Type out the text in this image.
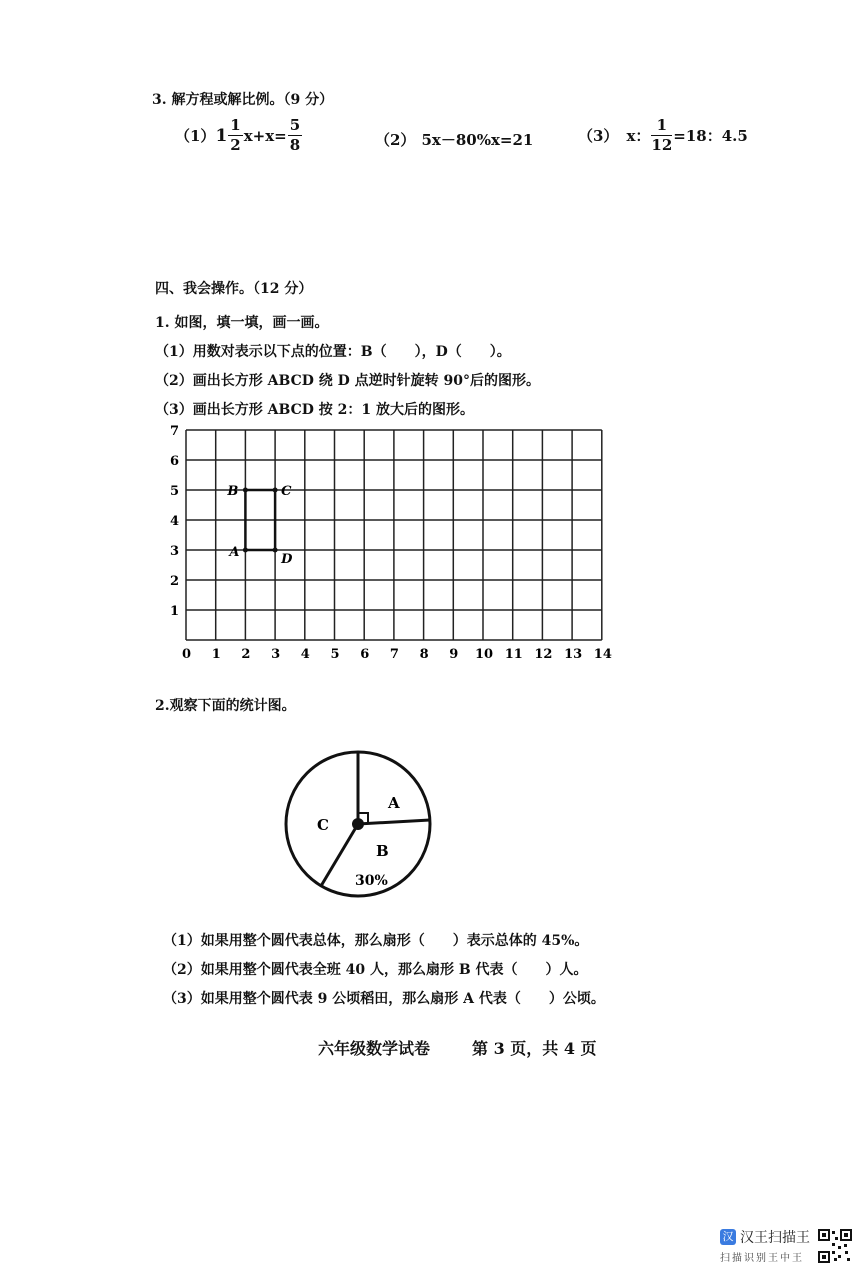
3. 解方程或解比例。（9 分）
（1） $1 \frac{1}{2} x+x= \frac{5}{8}$	（2） 5x－80%x=21	（3） x： $\frac{1}{12} =18$：4.5
四、我会操作。（12 分）
1. 如图，填一填，画一画。
（1）用数对表示以下点的位置：B（　　），D（　　）。
（2）画出长方形 ABCD 绕 D 点逆时针旋转 90°后的图形。
（3）画出长方形 ABCD 按 2：1 放大后的图形。
0 1 2 3 4 5 6 7 8 9 10 11 12 13 14
1
2
3
4
5
6
7
A
B	C
D
2.观察下面的统计图。
A
B
30%
C
（1）如果用整个圆代表总体，那么扇形（　　）表示总体的 45%。
（2）如果用整个圆代表全班 40 人，那么扇形 B 代表（　　）人。
（3）如果用整个圆代表 9 公顷稻田，那么扇形 A 代表（　　）公顷。
六年级数学试卷	第 3 页，共 4 页
汉 汉王扫描王
扫描识别王中王
